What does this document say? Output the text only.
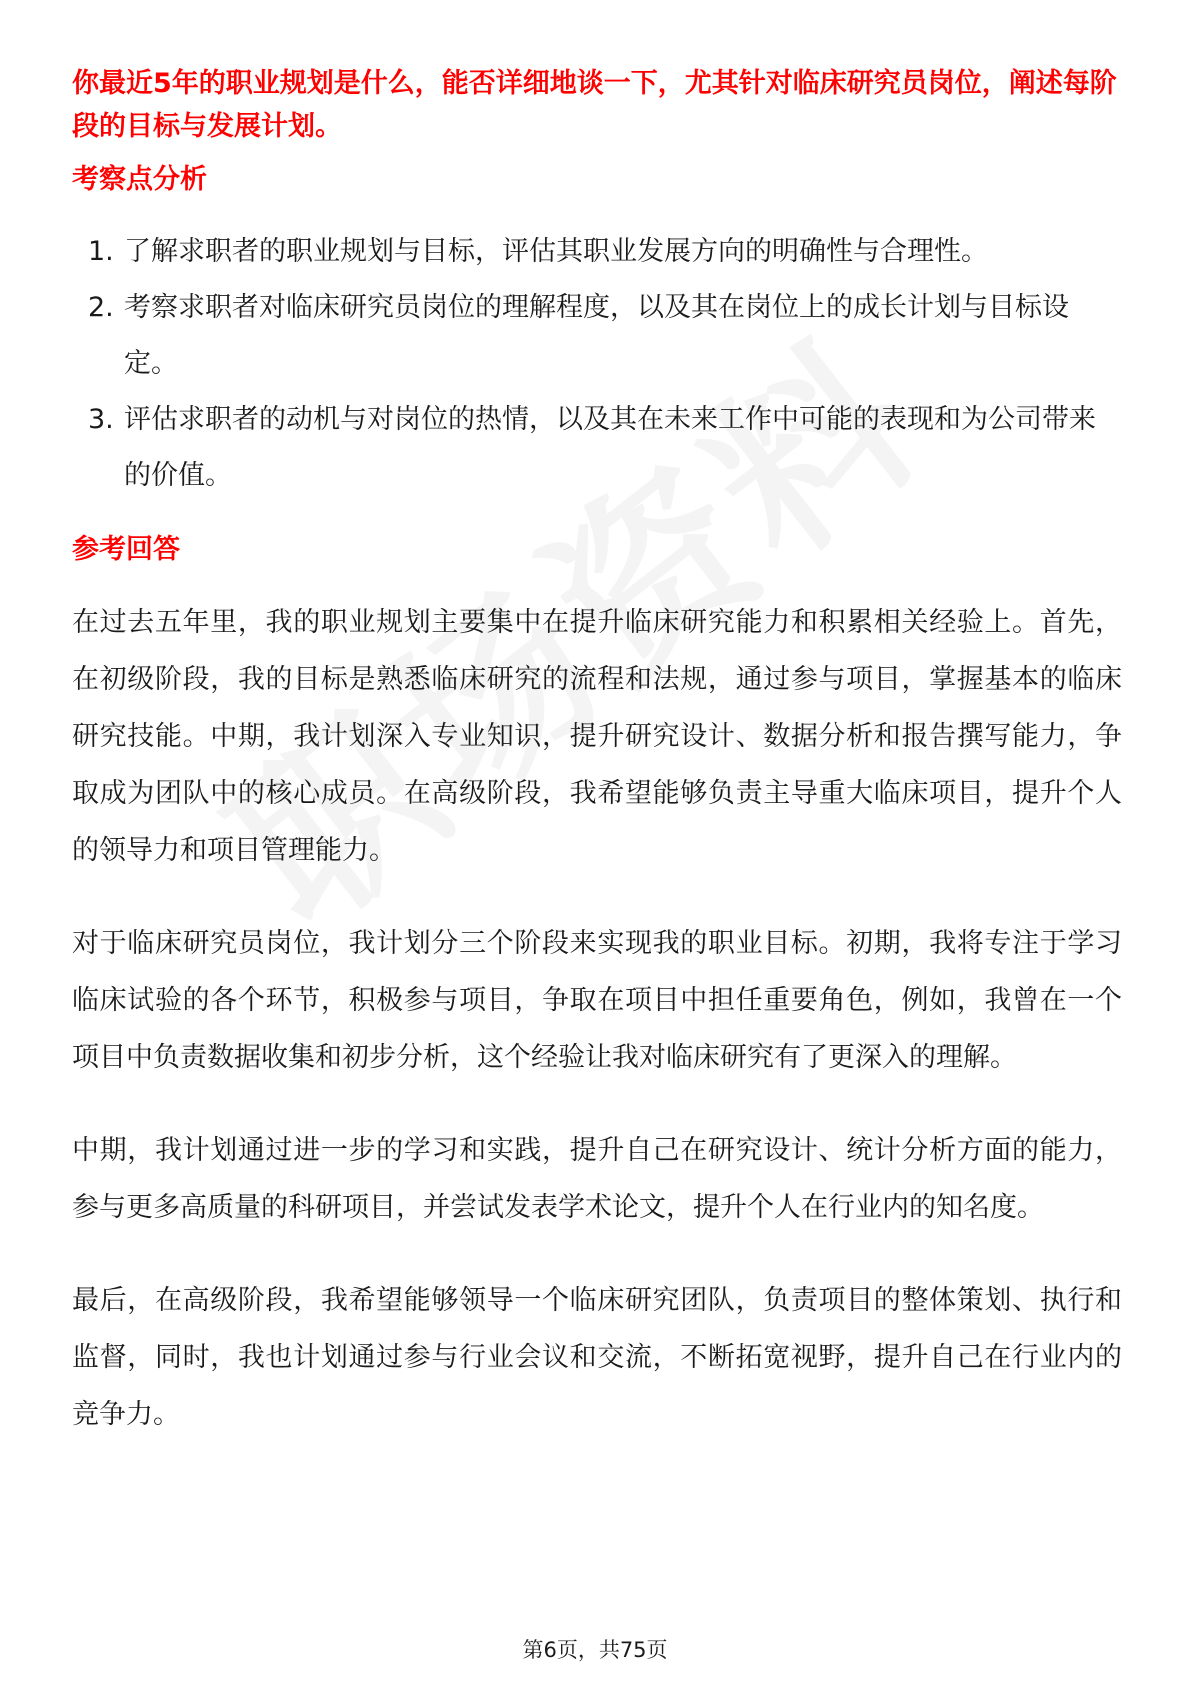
你最近5年的职业规划是什么，能否详细地谈一下，尤其针对临床研究员岗位，阐述每阶段的目标与发展计划。

考察点分析
1. 了解求职者的职业规划与目标，评估其职业发展方向的明确性与合理性。
2. 考察求职者对临床研究员岗位的理解程度，以及其在岗位上的成长计划与目标设定。
3. 评估求职者的动机与对岗位的热情，以及其在未来工作中可能的表现和为公司带来的价值。
参考回答

在过去五年里，我的职业规划主要集中在提升临床研究能力和积累相关经验上。首先，在初级阶段，我的目标是熟悉临床研究的流程和法规，通过参与项目，掌握基本的临床研究技能。中期，我计划深入专业知识，提升研究设计、数据分析和报告撰写能力，争取成为团队中的核心成员。在高级阶段，我希望能够负责主导重大临床项目，提升个人的领导力和项目管理能力。

对于临床研究员岗位，我计划分三个阶段来实现我的职业目标。初期，我将专注于学习临床试验的各个环节，积极参与项目，争取在项目中担任重要角色，例如，我曾在一个项目中负责数据收集和初步分析，这个经验让我对临床研究有了更深入的理解。

中期，我计划通过进一步的学习和实践，提升自己在研究设计、统计分析方面的能力，参与更多高质量的科研项目，并尝试发表学术论文，提升个人在行业内的知名度。

最后，在高级阶段，我希望能够领导一个临床研究团队，负责项目的整体策划、执行和监督，同时，我也计划通过参与行业会议和交流，不断拓宽视野，提升自己在行业内的竞争力。

第6页，共75页
